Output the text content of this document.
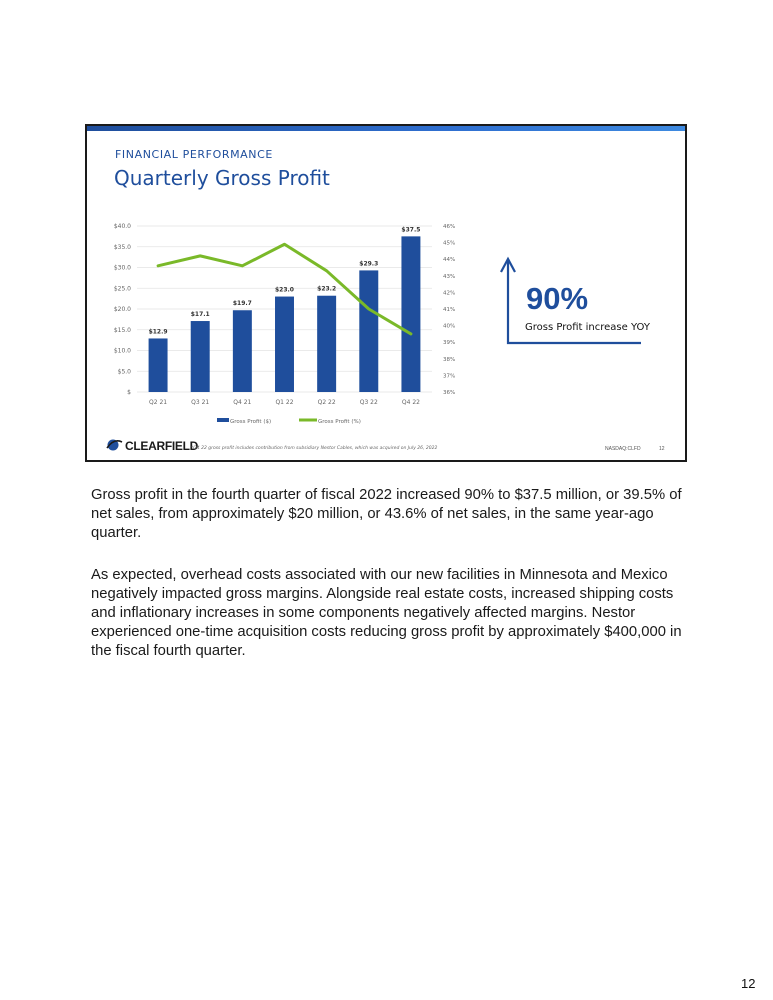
FINANCIAL PERFORMANCE
Quarterly Gross Profit
$
$5.0
$10.0
$15.0
$20.0
$25.0
$30.0
$35.0
$40.0
36%
37%
38%
39%
40%
41%
42%
43%
44%
45%
46%
$12.9
$17.1
$19.7
$23.0	$23.2
$29.3
$37.5
Q2 21	Q3 21	Q4 21	Q1 22	Q2 22	Q3 22	Q4 22
Gross Profit ($)	Gross Profit (%)
90%
Gross Profit increase YOY
CLEARFIELD
*Q4 22 gross profit includes contribution from subsidiary Nestor Cables, which was acquired on July 26, 2022	NASDAQ:CLFD	12

Gross profit in the fourth quarter of fiscal 2022 increased 90% to $37.5 million, or 39.5% of net sales, from approximately $20 million, or 43.6% of net sales, in the same year-ago quarter.

As expected, overhead costs associated with our new facilities in Minnesota and Mexico negatively impacted gross margins. Alongside real estate costs, increased shipping costs and inflationary increases in some components negatively affected margins. Nestor experienced one-time acquisition costs reducing gross profit by approximately $400,000 in the fiscal fourth quarter.

12
